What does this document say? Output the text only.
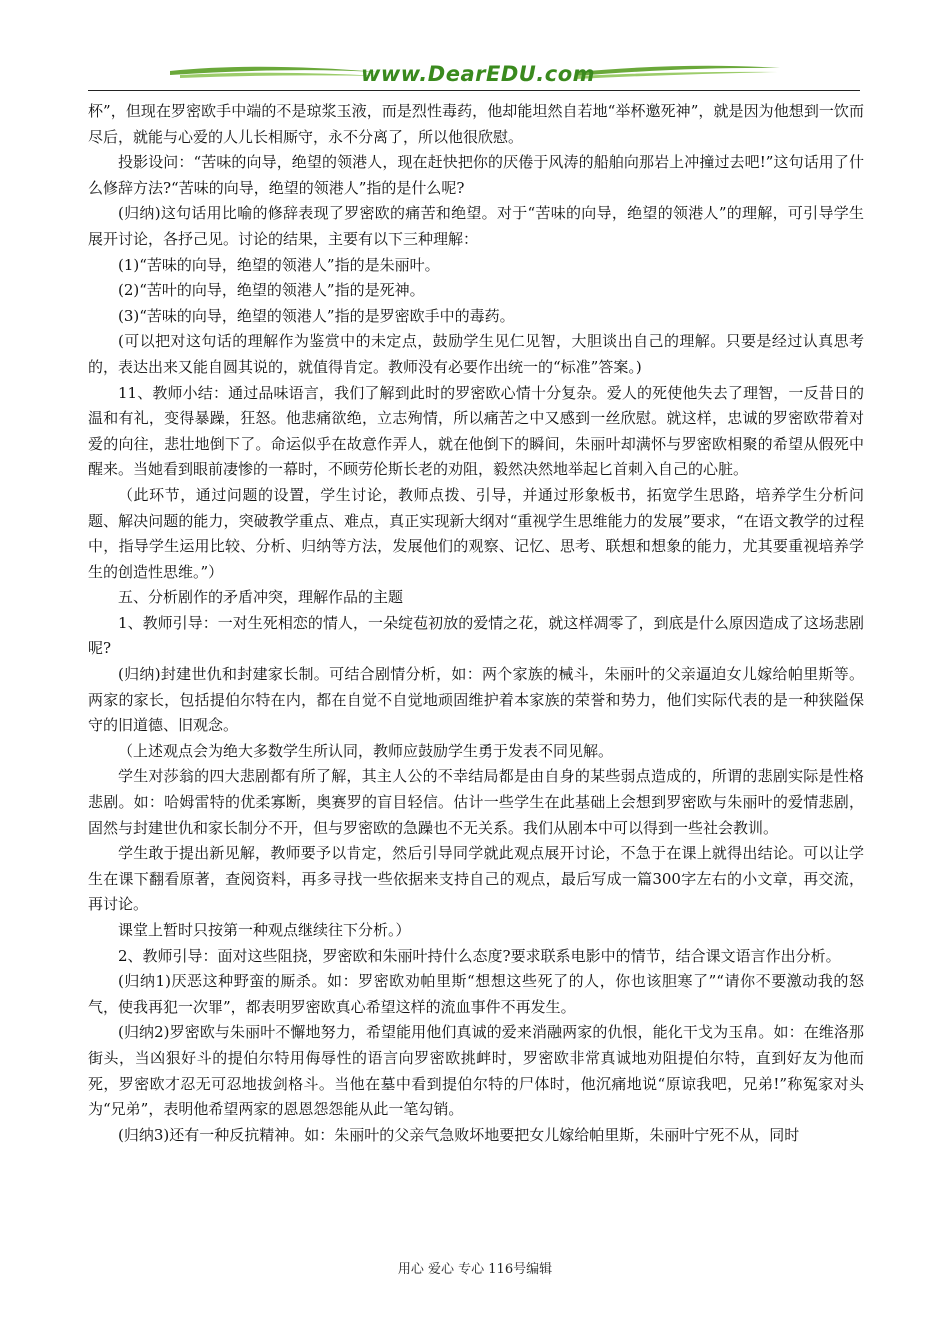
www.DearEDU.com

杯”，但现在罗密欧手中端的不是琼浆玉液，而是烈性毒药，他却能坦然自若地“举杯邀死神”，就是因为他想到一饮而尽后，就能与心爱的人儿长相厮守，永不分离了，所以他很欣慰。

投影设问：“苦味的向导，绝望的领港人，现在赶快把你的厌倦于风涛的船舶向那岩上冲撞过去吧!”这句话用了什么修辞方法?“苦味的向导，绝望的领港人”指的是什么呢?

(归纳)这句话用比喻的修辞表现了罗密欧的痛苦和绝望。对于“苦味的向导，绝望的领港人”的理解，可引导学生展开讨论，各抒己见。讨论的结果，主要有以下三种理解：

(1)“苦味的向导，绝望的领港人”指的是朱丽叶。

(2)“苦叶的向导，绝望的领港人”指的是死神。

(3)“苦味的向导，绝望的领港人”指的是罗密欧手中的毒药。

(可以把对这句话的理解作为鉴赏中的未定点，鼓励学生见仁见智，大胆谈出自己的理解。只要是经过认真思考的，表达出来又能自圆其说的，就值得肯定。教师没有必要作出统一的“标准”答案。)

11、教师小结：通过品味语言，我们了解到此时的罗密欧心情十分复杂。爱人的死使他失去了理智，一反昔日的温和有礼，变得暴躁，狂怒。他悲痛欲绝，立志殉情，所以痛苦之中又感到一丝欣慰。就这样，忠诚的罗密欧带着对爱的向往，悲壮地倒下了。命运似乎在故意作弄人，就在他倒下的瞬间，朱丽叶却满怀与罗密欧相聚的希望从假死中醒来。当她看到眼前凄惨的一幕时，不顾劳伦斯长老的劝阻，毅然决然地举起匕首刺入自己的心脏。

（此环节，通过问题的设置，学生讨论，教师点拨、引导，并通过形象板书，拓宽学生思路，培养学生分析问题、解决问题的能力，突破教学重点、难点，真正实现新大纲对“重视学生思维能力的发展”要求，“在语文教学的过程中，指导学生运用比较、分析、归纳等方法，发展他们的观察、记忆、思考、联想和想象的能力，尤其要重视培养学生的创造性思维。”）

五、分析剧作的矛盾冲突，理解作品的主题

1、教师引导：一对生死相恋的情人，一朵绽苞初放的爱情之花，就这样凋零了，到底是什么原因造成了这场悲剧呢?

(归纳)封建世仇和封建家长制。可结合剧情分析，如：两个家族的械斗，朱丽叶的父亲逼迫女儿嫁给帕里斯等。两家的家长，包括提伯尔特在内，都在自觉不自觉地顽固维护着本家族的荣誉和势力，他们实际代表的是一种狭隘保守的旧道德、旧观念。

（上述观点会为绝大多数学生所认同，教师应鼓励学生勇于发表不同见解。

学生对莎翁的四大悲剧都有所了解，其主人公的不幸结局都是由自身的某些弱点造成的，所谓的悲剧实际是性格悲剧。如：哈姆雷特的优柔寡断，奥赛罗的盲目轻信。估计一些学生在此基础上会想到罗密欧与朱丽叶的爱情悲剧，固然与封建世仇和家长制分不开，但与罗密欧的急躁也不无关系。我们从剧本中可以得到一些社会教训。

学生敢于提出新见解，教师要予以肯定，然后引导同学就此观点展开讨论，不急于在课上就得出结论。可以让学生在课下翻看原著，查阅资料，再多寻找一些依据来支持自己的观点，最后写成一篇300字左右的小文章，再交流，再讨论。

课堂上暂时只按第一种观点继续往下分析。）

2、教师引导：面对这些阻挠，罗密欧和朱丽叶持什么态度?要求联系电影中的情节，结合课文语言作出分析。

(归纳1)厌恶这种野蛮的厮杀。如：罗密欧劝帕里斯“想想这些死了的人，你也该胆寒了”“请你不要激动我的怒气，使我再犯一次罪”，都表明罗密欧真心希望这样的流血事件不再发生。

(归纳2)罗密欧与朱丽叶不懈地努力，希望能用他们真诚的爱来消融两家的仇恨，能化干戈为玉帛。如：在维洛那街头，当凶狠好斗的提伯尔特用侮辱性的语言向罗密欧挑衅时，罗密欧非常真诚地劝阻提伯尔特，直到好友为他而死，罗密欧才忍无可忍地拔剑格斗。当他在墓中看到提伯尔特的尸体时，他沉痛地说“原谅我吧，兄弟!”称冤家对头为“兄弟”，表明他希望两家的恩恩怨怨能从此一笔勾销。

(归纳3)还有一种反抗精神。如：朱丽叶的父亲气急败坏地要把女儿嫁给帕里斯，朱丽叶宁死不从，同时

用心 爱心 专心 116号编辑
